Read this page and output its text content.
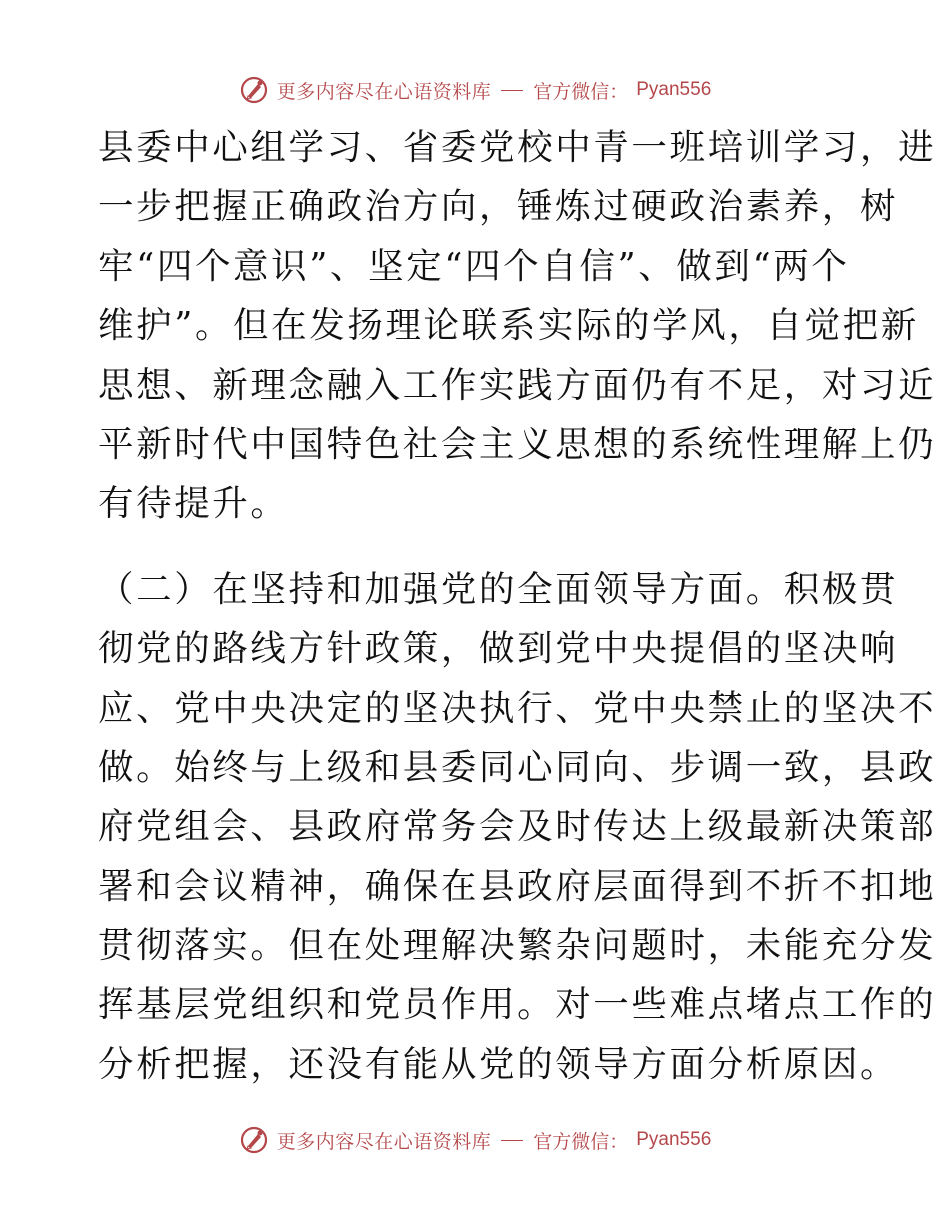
更多内容尽在心语资料库 官方微信： Pyan556
县委中心组学习、省委党校中青一班培训学习，进
一步把握正确政治方向，锤炼过硬政治素养，树
牢“四个意识”、坚定“四个自信”、做到“两个
维护”。但在发扬理论联系实际的学风，自觉把新
思想、新理念融入工作实践方面仍有不足，对习近
平新时代中国特色社会主义思想的系统性理解上仍
有待提升。
（二）在坚持和加强党的全面领导方面。积极贯
彻党的路线方针政策，做到党中央提倡的坚决响
应、党中央决定的坚决执行、党中央禁止的坚决不
做。始终与上级和县委同心同向、步调一致，县政
府党组会、县政府常务会及时传达上级最新决策部
署和会议精神，确保在县政府层面得到不折不扣地
贯彻落实。但在处理解决繁杂问题时，未能充分发
挥基层党组织和党员作用。对一些难点堵点工作的
分析把握，还没有能从党的领导方面分析原因。
更多内容尽在心语资料库 官方微信： Pyan556
